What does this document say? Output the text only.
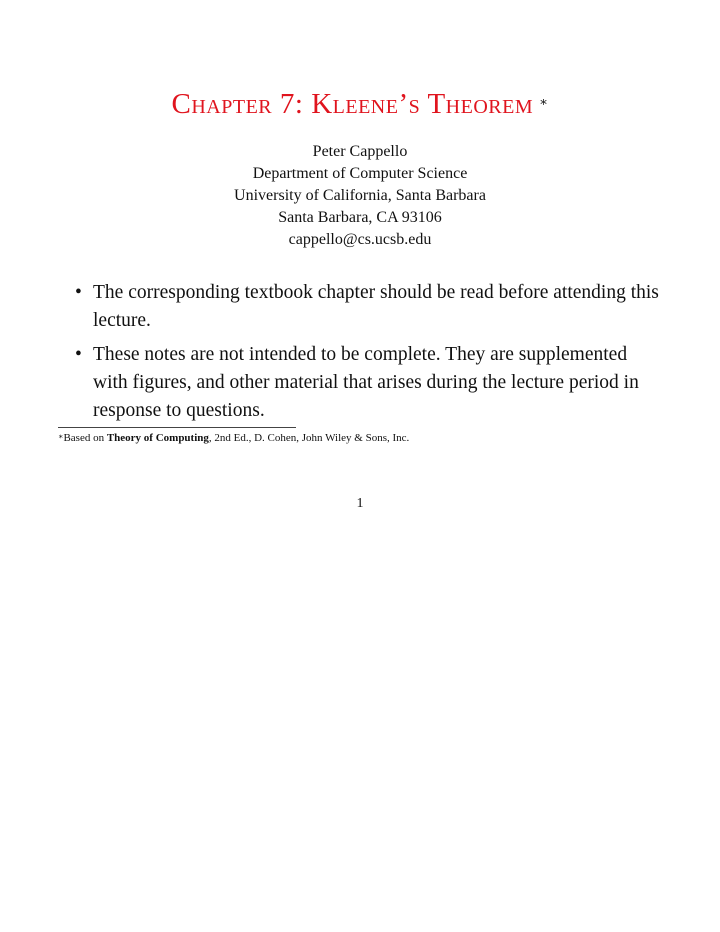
Chapter 7: Kleene’s Theorem ∗
Peter Cappello
Department of Computer Science
University of California, Santa Barbara
Santa Barbara, CA 93106
cappello@cs.ucsb.edu
• The corresponding textbook chapter should be read before attending this lecture.
• These notes are not intended to be complete. They are supplemented with figures, and other material that arises during the lecture period in response to questions.
∗Based on Theory of Computing, 2nd Ed., D. Cohen, John Wiley & Sons, Inc.
1
